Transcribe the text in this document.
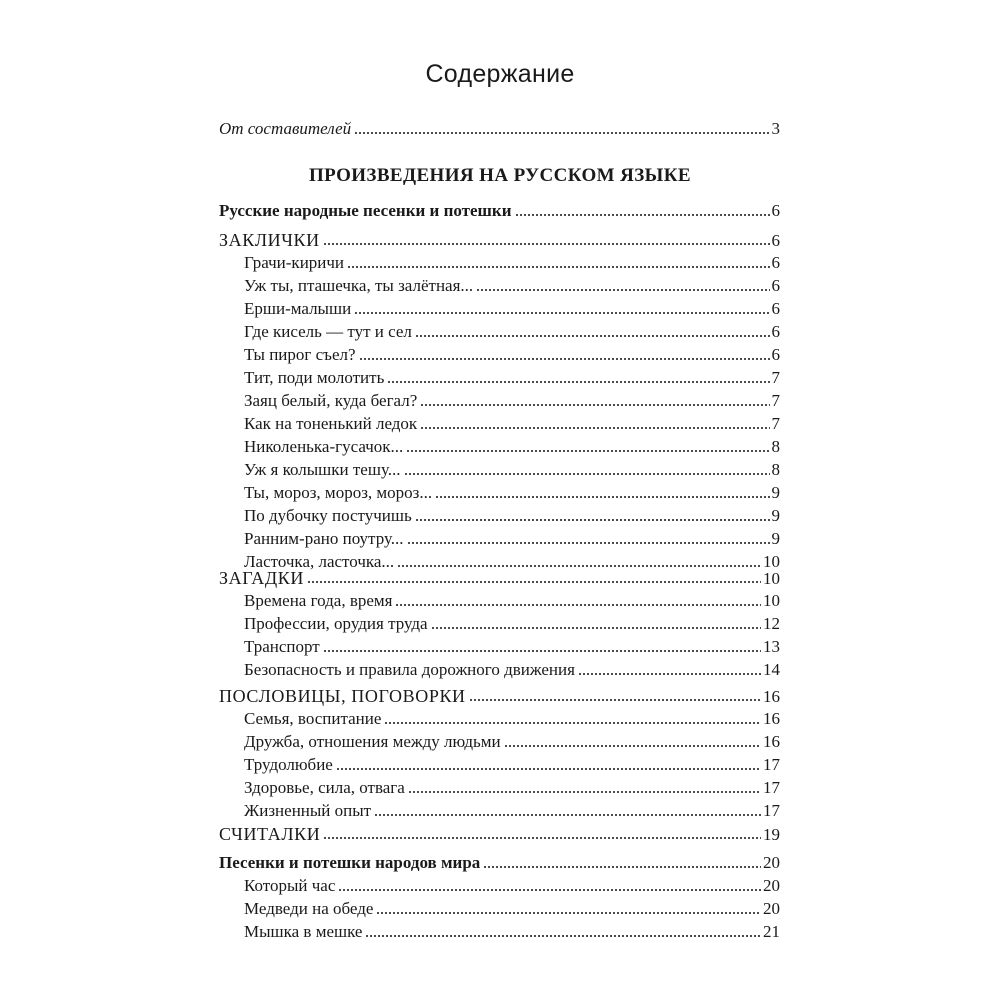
Содержание
От составителей	3
ПРОИЗВЕДЕНИЯ НА РУССКОМ ЯЗЫКЕ
Русские народные песенки и потешки	6
ЗАКЛИЧКИ	6
Грачи-киричи	6
Уж ты, пташечка, ты залётная...	6
Ерши-малыши	6
Где кисель — тут и сел	6
Ты пирог съел?	6
Тит, поди молотить	7
Заяц белый, куда бегал?	7
Как на тоненький ледок	7
Николенька-гусачок...	8
Уж я колышки тешу...	8
Ты, мороз, мороз, мороз...	9
По дубочку постучишь	9
Ранним-рано поутру...	9
Ласточка, ласточка...	10
ЗАГАДКИ	10
Времена года, время	10
Профессии, орудия труда	12
Транспорт	13
Безопасность и правила дорожного движения	14
ПОСЛОВИЦЫ, ПОГОВОРКИ	16
Семья, воспитание	16
Дружба, отношения между людьми	16
Трудолюбие	17
Здоровье, сила, отвага	17
Жизненный опыт	17
СЧИТАЛКИ	19
Песенки и потешки народов мира	20
Который час	20
Медведи на обеде	20
Мышка в мешке	21
